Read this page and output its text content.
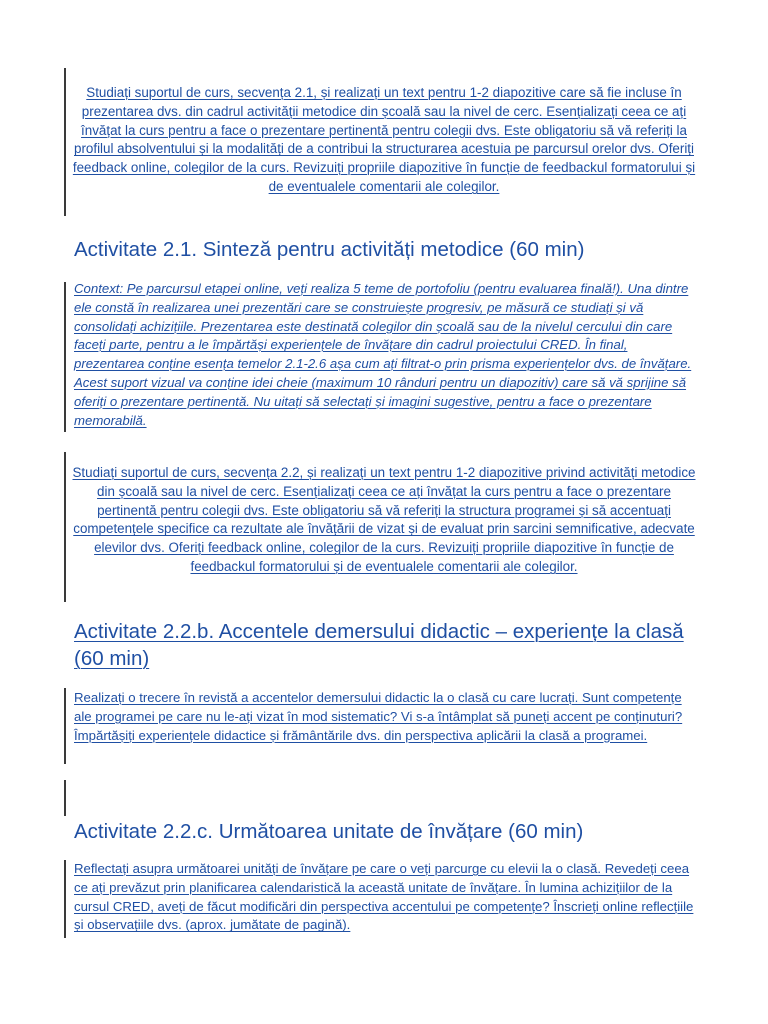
Studiați suportul de curs, secvența 2.1, și realizați un text pentru 1-2 diapozitive care să fie incluse în prezentarea dvs. din cadrul activității metodice din școală sau la nivel de cerc. Esențializați ceea ce ați învățat la curs pentru a face o prezentare pertinentă pentru colegii dvs. Este obligatoriu să vă referiți la profilul absolventului și la modalități de a contribui la structurarea acestuia pe parcursul orelor dvs. Oferiți feedback online, colegilor de la curs. Revizuiți propriile diapozitive în funcție de feedbackul formatorului și de eventualele comentarii ale colegilor.

Activitate 2.1. Sinteză pentru activități metodice (60 min)

Context: Pe parcursul etapei online, veți realiza 5 teme de portofoliu (pentru evaluarea finală!). Una dintre ele constă în realizarea unei prezentări care se construiește progresiv, pe măsură ce studiați și vă consolidați achizițiile. Prezentarea este destinată colegilor din școală sau de la nivelul cercului din care faceți parte, pentru a le împărtăși experiențele de învățare din cadrul proiectului CRED. În final, prezentarea conține esența temelor 2.1-2.6 așa cum ați filtrat-o prin prisma experiențelor dvs. de învățare. Acest suport vizual va conține idei cheie (maximum 10 rânduri pentru un diapozitiv) care să vă sprijine să oferiți o prezentare pertinentă. Nu uitați să selectați și imagini sugestive, pentru a face o prezentare memorabilă.

Studiați suportul de curs, secvența 2.2, și realizați un text pentru 1-2 diapozitive privind activități metodice din școală sau la nivel de cerc. Esențializați ceea ce ați învățat la curs pentru a face o prezentare pertinentă pentru colegii dvs. Este obligatoriu să vă referiți la structura programei și să accentuați competențele specifice ca rezultate ale învățării de vizat și de evaluat prin sarcini semnificative, adecvate elevilor dvs. Oferiți feedback online, colegilor de la curs. Revizuiți propriile diapozitive în funcție de feedbackul formatorului și de eventualele comentarii ale colegilor.

Activitate 2.2.b. Accentele demersului didactic – experiențe la clasă (60 min)

Realizați o trecere în revistă a accentelor demersului didactic la o clasă cu care lucrați. Sunt competențe ale programei pe care nu le-ați vizat în mod sistematic? Vi s-a întâmplat să puneți accent pe conținuturi? Împărtășiți experiențele didactice și frământările dvs. din perspectiva aplicării la clasă a programei.

Activitate 2.2.c. Următoarea unitate de învățare (60 min)

Reflectați asupra următoarei unități de învățare pe care o veți parcurge cu elevii la o clasă. Revedeți ceea ce ați prevăzut prin planificarea calendaristică la această unitate de învățare. În lumina achizițiilor de la cursul CRED, aveți de făcut modificări din perspectiva accentului pe competențe? Înscrieți online reflecțiile și observațiile dvs. (aprox. jumătate de pagină).
